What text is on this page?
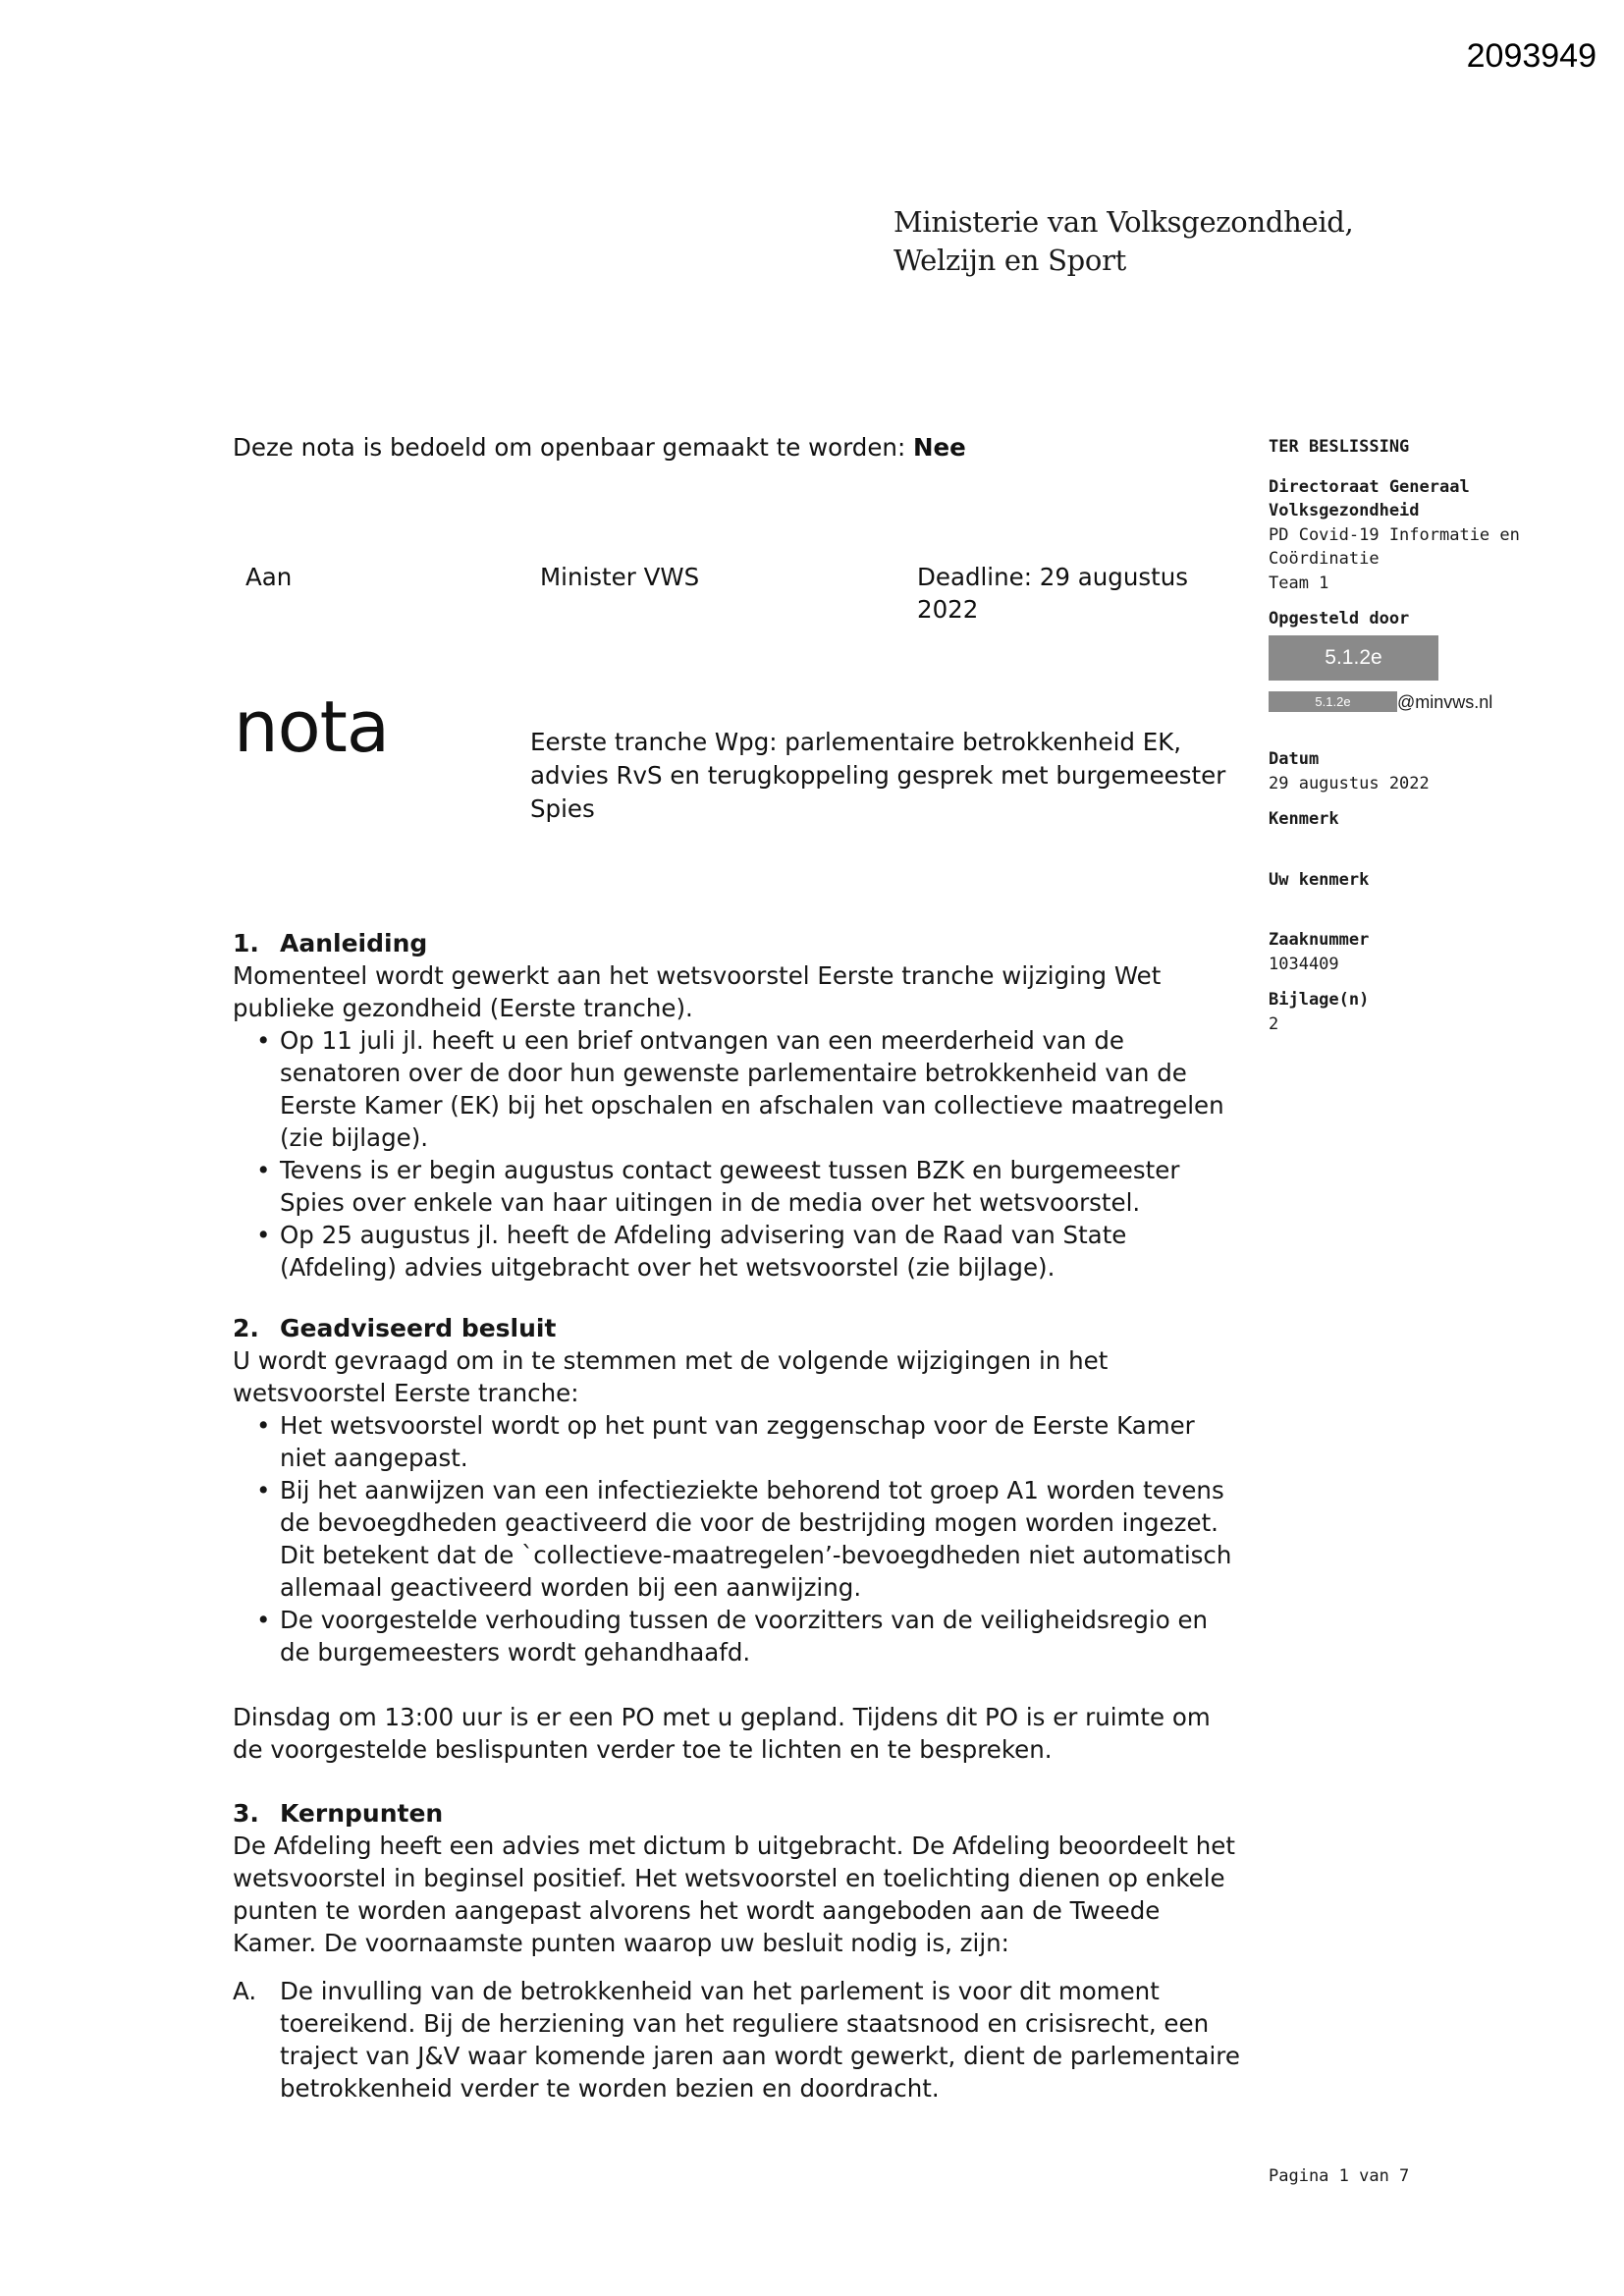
2093949
Ministerie van Volksgezondheid,
Welzijn en Sport
Deze nota is bedoeld om openbaar gemaakt te worden: Nee
Aan	Minister VWS	Deadline: 29 augustus 2022
nota	Eerste tranche Wpg: parlementaire betrokkenheid EK, advies RvS en terugkoppeling gesprek met burgemeester Spies
1. Aanleiding
Momenteel wordt gewerkt aan het wetsvoorstel Eerste tranche wijziging Wet publieke gezondheid (Eerste tranche).
• Op 11 juli jl. heeft u een brief ontvangen van een meerderheid van de senatoren over de door hun gewenste parlementaire betrokkenheid van de Eerste Kamer (EK) bij het opschalen en afschalen van collectieve maatregelen (zie bijlage).
• Tevens is er begin augustus contact geweest tussen BZK en burgemeester Spies over enkele van haar uitingen in de media over het wetsvoorstel.
• Op 25 augustus jl. heeft de Afdeling advisering van de Raad van State (Afdeling) advies uitgebracht over het wetsvoorstel (zie bijlage).
2. Geadviseerd besluit
U wordt gevraagd om in te stemmen met de volgende wijzigingen in het wetsvoorstel Eerste tranche:
• Het wetsvoorstel wordt op het punt van zeggenschap voor de Eerste Kamer niet aangepast.
• Bij het aanwijzen van een infectieziekte behorend tot groep A1 worden tevens de bevoegdheden geactiveerd die voor de bestrijding mogen worden ingezet. Dit betekent dat de `collectieve-maatregelen’-bevoegdheden niet automatisch allemaal geactiveerd worden bij een aanwijzing.
• De voorgestelde verhouding tussen de voorzitters van de veiligheidsregio en de burgemeesters wordt gehandhaafd.
Dinsdag om 13:00 uur is er een PO met u gepland. Tijdens dit PO is er ruimte om de voorgestelde beslispunten verder toe te lichten en te bespreken.
3. Kernpunten
De Afdeling heeft een advies met dictum b uitgebracht. De Afdeling beoordeelt het wetsvoorstel in beginsel positief. Het wetsvoorstel en toelichting dienen op enkele punten te worden aangepast alvorens het wordt aangeboden aan de Tweede Kamer. De voornaamste punten waarop uw besluit nodig is, zijn:
A. De invulling van de betrokkenheid van het parlement is voor dit moment toereikend. Bij de herziening van het reguliere staatsnood en crisisrecht, een traject van J&V waar komende jaren aan wordt gewerkt, dient de parlementaire betrokkenheid verder te worden bezien en doordracht.
TER BESLISSING
Directoraat Generaal
Volksgezondheid
PD Covid-19 Informatie en
Coördinatie
Team 1
Opgesteld door
5.1.2e
5.1.2e	@minvws.nl
Datum
29 augustus 2022
Kenmerk
Uw kenmerk
Zaaknummer
1034409
Bijlage(n)
2
Pagina 1 van 7
